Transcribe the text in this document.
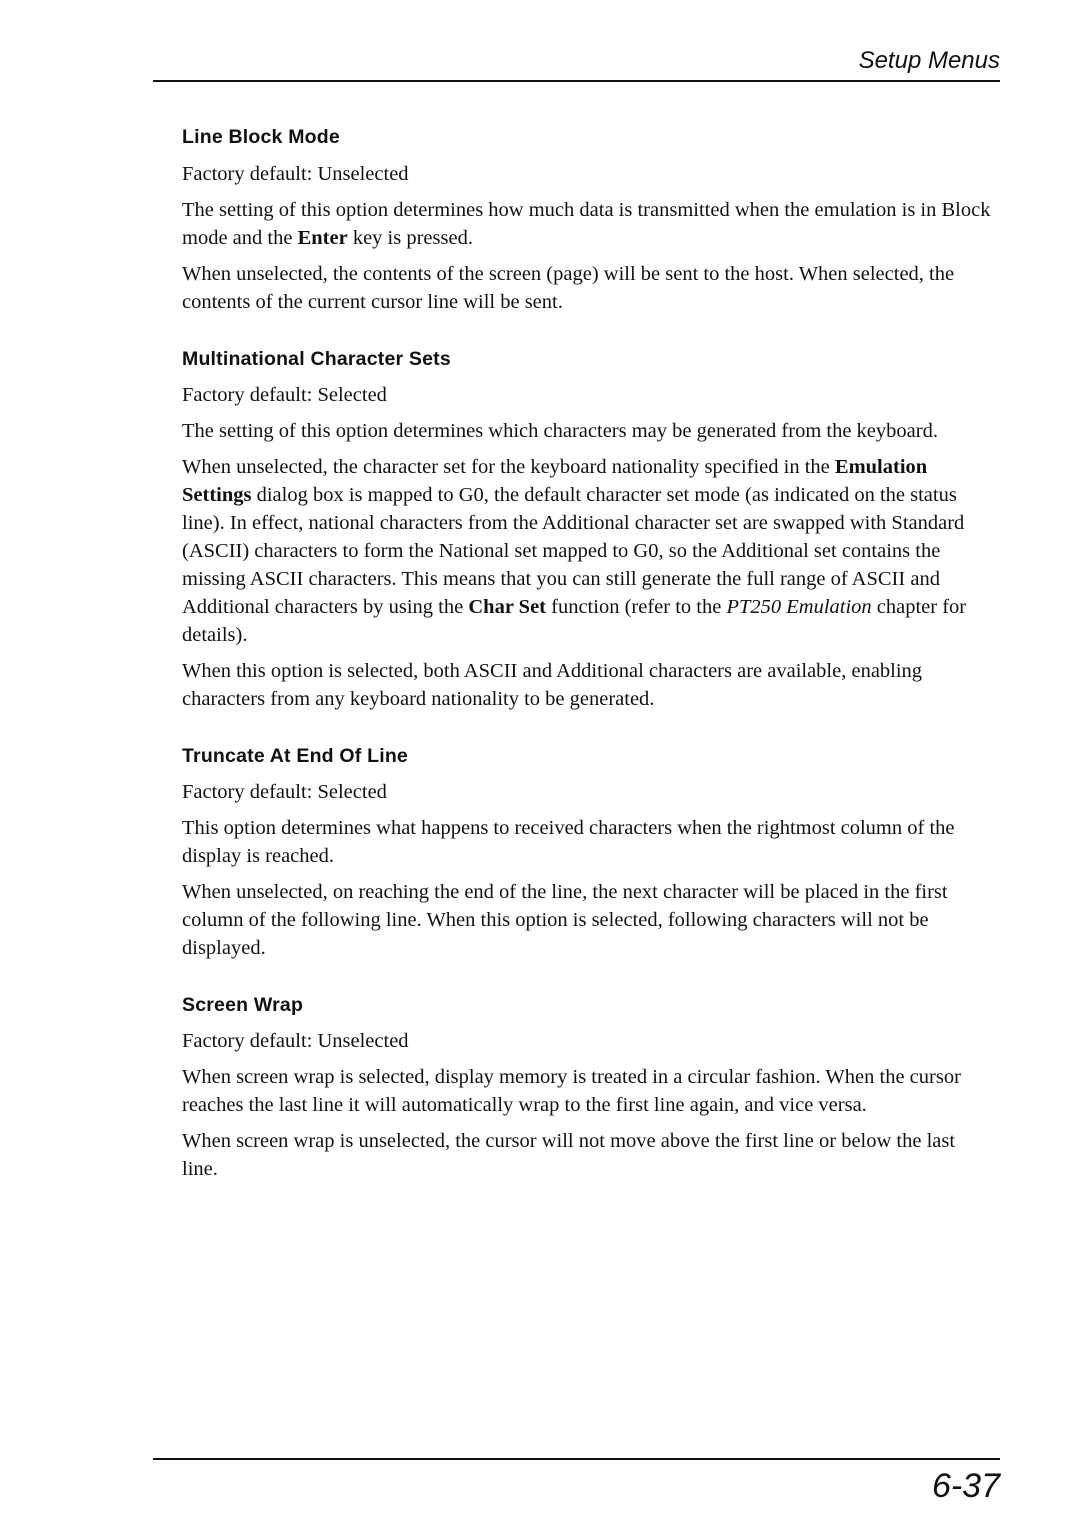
Setup Menus
Line Block Mode

Factory default: Unselected

The setting of this option determines how much data is transmitted when the emulation is in Block mode and the Enter key is pressed.

When unselected, the contents of the screen (page) will be sent to the host. When selected, the contents of the current cursor line will be sent.

Multinational Character Sets

Factory default: Selected

The setting of this option determines which characters may be generated from the keyboard.

When unselected, the character set for the keyboard nationality specified in the Emulation Settings dialog box is mapped to G0, the default character set mode (as indicated on the status line). In effect, national characters from the Additional character set are swapped with Standard (ASCII) characters to form the National set mapped to G0, so the Additional set contains the missing ASCII characters. This means that you can still generate the full range of ASCII and Additional characters by using the Char Set function (refer to the PT250 Emulation chapter for details).

When this option is selected, both ASCII and Additional characters are available, enabling characters from any keyboard nationality to be generated.

Truncate At End Of Line

Factory default: Selected

This option determines what happens to received characters when the rightmost column of the display is reached.

When unselected, on reaching the end of the line, the next character will be placed in the first column of the following line. When this option is selected, following characters will not be displayed.

Screen Wrap

Factory default: Unselected

When screen wrap is selected, display memory is treated in a circular fashion. When the cursor reaches the last line it will automatically wrap to the first line again, and vice versa.

When screen wrap is unselected, the cursor will not move above the first line or below the last line.

6-37
